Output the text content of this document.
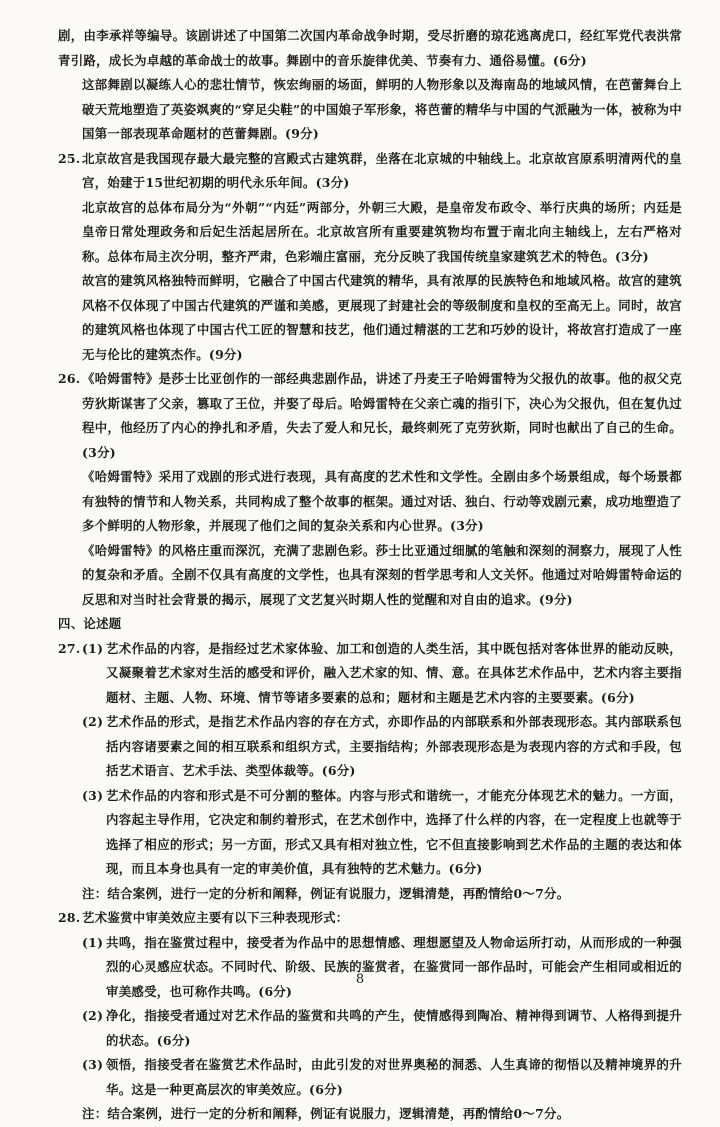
剧，由李承祥等编导。该剧讲述了中国第二次国内革命战争时期，受尽折磨的琼花逃离虎口，经红军党代表洪常青引路，成长为卓越的革命战士的故事。舞剧中的音乐旋律优美、节奏有力、通俗易懂。(6分)

这部舞剧以凝练人心的悲壮情节，恢宏绚丽的场面，鲜明的人物形象以及海南岛的地域风情，在芭蕾舞台上破天荒地塑造了英姿飒爽的“穿足尖鞋”的中国娘子军形象，将芭蕾的精华与中国的气派融为一体，被称为中国第一部表现革命题材的芭蕾舞剧。(9分)

25. 北京故宫是我国现存最大最完整的宫殿式古建筑群，坐落在北京城的中轴线上。北京故宫原系明清两代的皇宫，始建于15世纪初期的明代永乐年间。(3分)

北京故宫的总体布局分为“外朝”“内廷”两部分，外朝三大殿，是皇帝发布政令、举行庆典的场所；内廷是皇帝日常处理政务和后妃生活起居所在。北京故宫所有重要建筑物均布置于南北向主轴线上，左右严格对称。总体布局主次分明，整齐严肃，色彩端庄富丽，充分反映了我国传统皇家建筑艺术的特色。(3分)

故宫的建筑风格独特而鲜明，它融合了中国古代建筑的精华，具有浓厚的民族特色和地域风格。故宫的建筑风格不仅体现了中国古代建筑的严谨和美感，更展现了封建社会的等级制度和皇权的至高无上。同时，故宫的建筑风格也体现了中国古代工匠的智慧和技艺，他们通过精湛的工艺和巧妙的设计，将故宫打造成了一座无与伦比的建筑杰作。(9分)

26. 《哈姆雷特》是莎士比亚创作的一部经典悲剧作品，讲述了丹麦王子哈姆雷特为父报仇的故事。他的叔父克劳狄斯谋害了父亲，篡取了王位，并娶了母后。哈姆雷特在父亲亡魂的指引下，决心为父报仇，但在复仇过程中，他经历了内心的挣扎和矛盾，失去了爱人和兄长，最终刺死了克劳狄斯，同时也献出了自己的生命。(3分)

《哈姆雷特》采用了戏剧的形式进行表现，具有高度的艺术性和文学性。全剧由多个场景组成，每个场景都有独特的情节和人物关系，共同构成了整个故事的框架。通过对话、独白、行动等戏剧元素，成功地塑造了多个鲜明的人物形象，并展现了他们之间的复杂关系和内心世界。(3分)

《哈姆雷特》的风格庄重而深沉，充满了悲剧色彩。莎士比亚通过细腻的笔触和深刻的洞察力，展现了人性的复杂和矛盾。全剧不仅具有高度的文学性，也具有深刻的哲学思考和人文关怀。他通过对哈姆雷特命运的反思和对当时社会背景的揭示，展现了文艺复兴时期人性的觉醒和对自由的追求。(9分)

四、论述题

27. (1) 艺术作品的内容，是指经过艺术家体验、加工和创造的人类生活，其中既包括对客体世界的能动反映，又凝聚着艺术家对生活的感受和评价，融入艺术家的知、情、意。在具体艺术作品中，艺术内容主要指题材、主题、人物、环境、情节等诸多要素的总和；题材和主题是艺术内容的主要要素。(6分)
(2) 艺术作品的形式，是指艺术作品内容的存在方式，亦即作品的内部联系和外部表现形态。其内部联系包括内容诸要素之间的相互联系和组织方式，主要指结构；外部表现形态是为表现内容的方式和手段，包括艺术语言、艺术手法、类型体裁等。(6分)
(3) 艺术作品的内容和形式是不可分割的整体。内容与形式和谐统一，才能充分体现艺术的魅力。一方面，内容起主导作用，它决定和制约着形式，在艺术创作中，选择了什么样的内容，在一定程度上也就等于选择了相应的形式；另一方面，形式又具有相对独立性，它不但直接影响到艺术作品的主题的表达和体现，而且本身也具有一定的审美价值，具有独特的艺术魅力。(6分)

注：结合案例，进行一定的分析和阐释，例证有说服力，逻辑清楚，再酌情给0～7分。

28. 艺术鉴赏中审美效应主要有以下三种表现形式：

(1) 共鸣，指在鉴赏过程中，接受者为作品中的思想情感、理想愿望及人物命运所打动，从而形成的一种强烈的心灵感应状态。不同时代、阶级、民族的鉴赏者，在鉴赏同一部作品时，可能会产生相同或相近的审美感受，也可称作共鸣。(6分)
(2) 净化，指接受者通过对艺术作品的鉴赏和共鸣的产生，使情感得到陶冶、精神得到调节、人格得到提升的状态。(6分)
(3) 领悟，指接受者在鉴赏艺术作品时，由此引发的对世界奥秘的洞悉、人生真谛的彻悟以及精神境界的升华。这是一种更高层次的审美效应。(6分)

注：结合案例，进行一定的分析和阐释，例证有说服力，逻辑清楚，再酌情给0～7分。

8
